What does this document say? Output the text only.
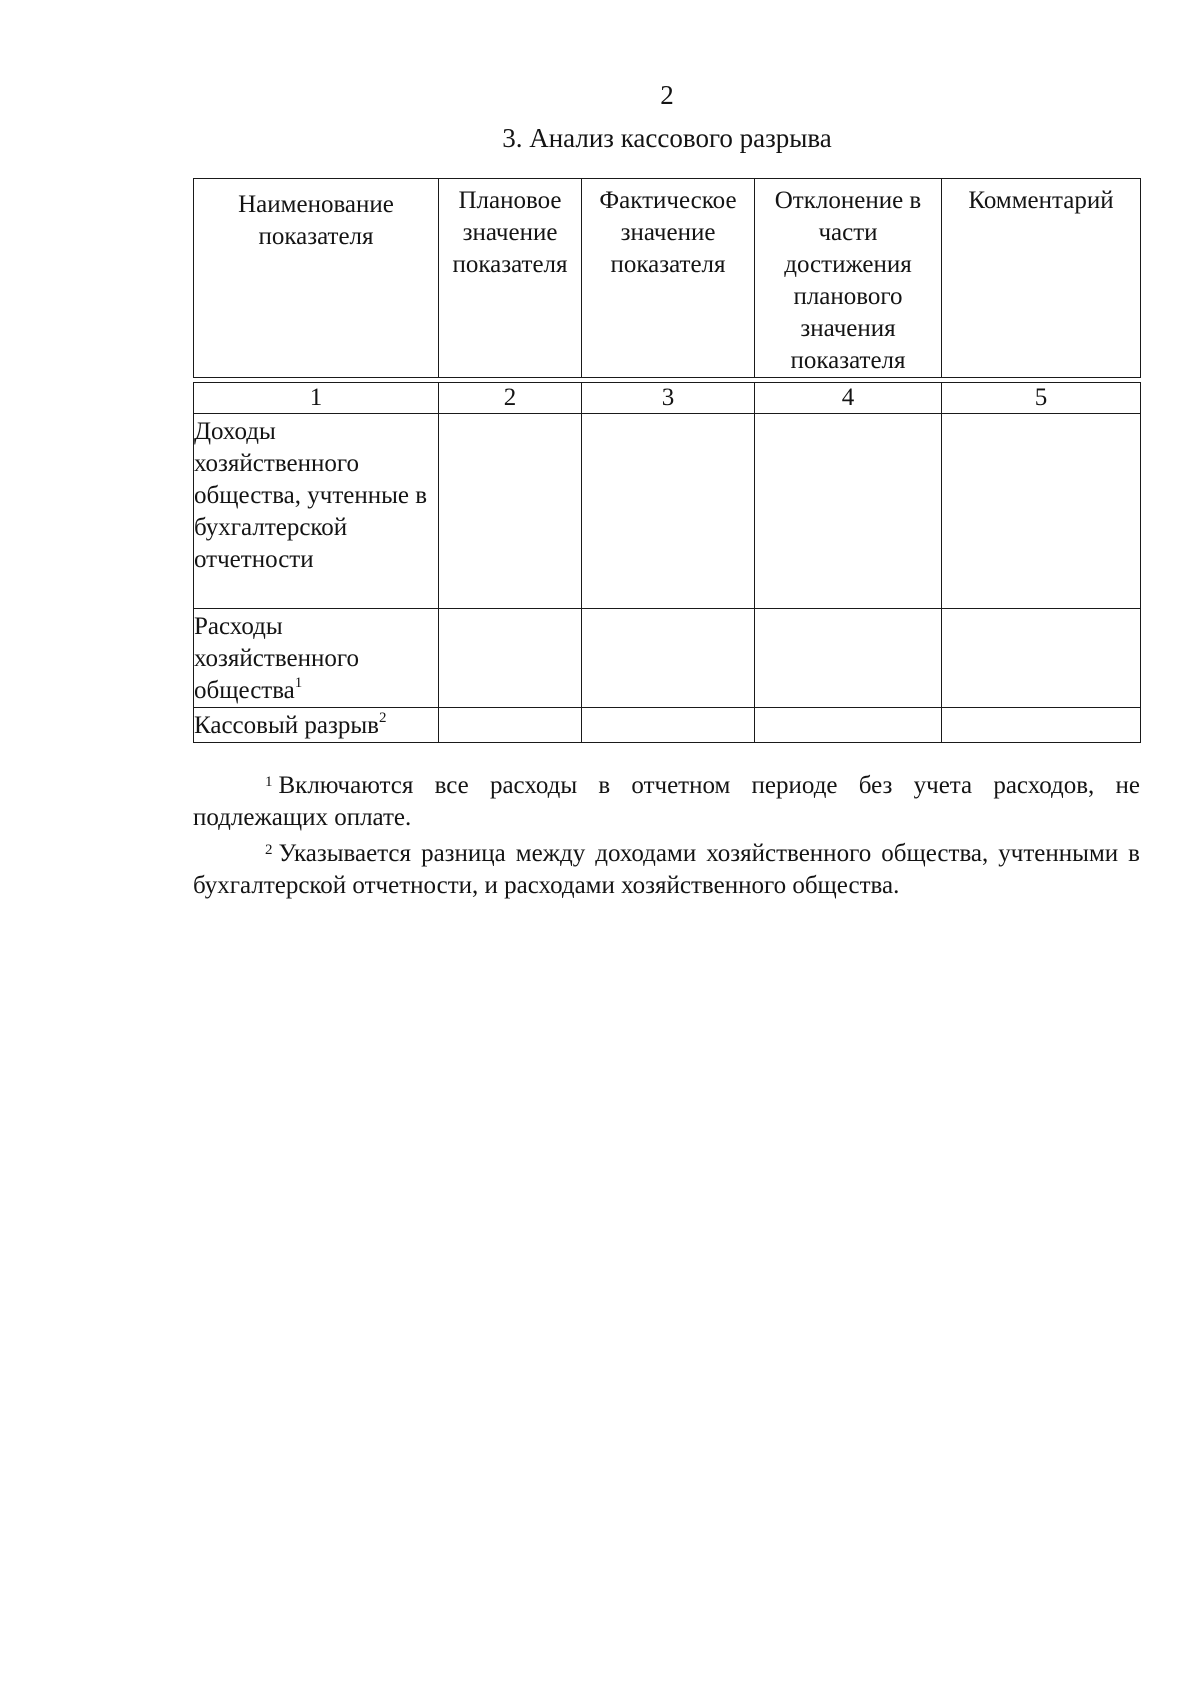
2
3. Анализ кассового разрыва
Наименование показателя	Плановое значение показателя	Фактическое значение показателя	Отклонение в части достижения планового значения показателя	Комментарий

1	2	3	4	5
Доходы хозяйственного общества, учтенные в бухгалтерской отчетности				
Расходы хозяйственного общества$^1$				
Кассовый разрыв$^2$				
$^1$ Включаются все расходы в отчетном периоде без учета расходов, не подлежащих оплате.
$^2$ Указывается разница между доходами хозяйственного общества, учтенными в бухгалтерской отчетности, и расходами хозяйственного общества.
